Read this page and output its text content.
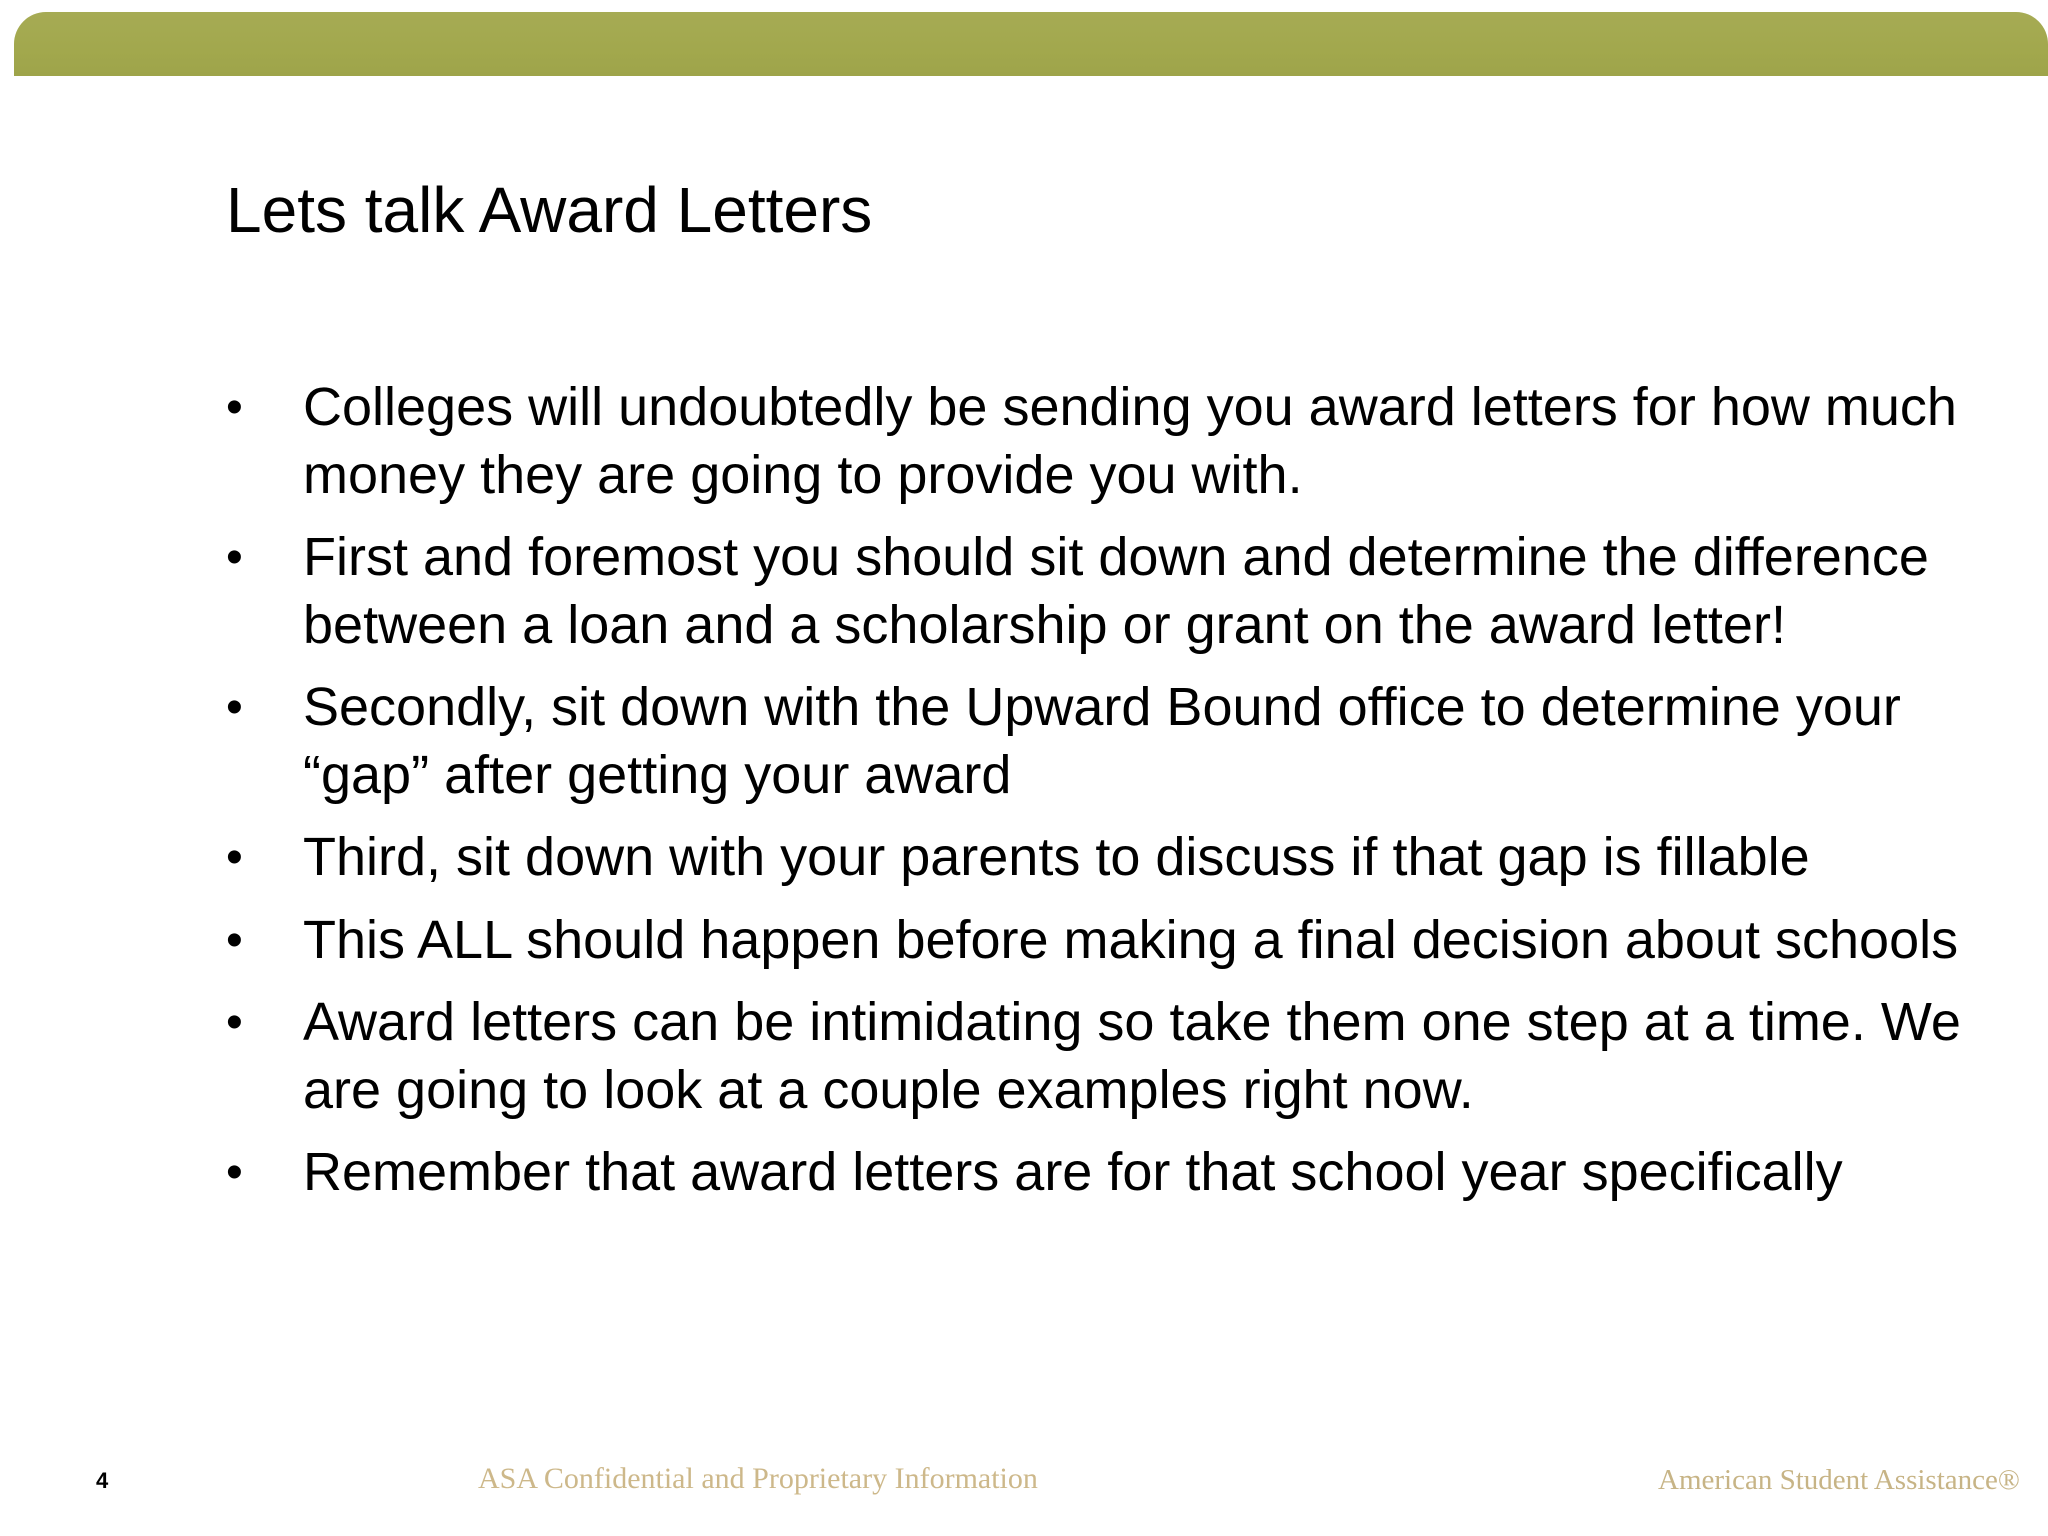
Lets talk Award Letters
• Colleges will undoubtedly be sending you award letters for how much money they are going to provide you with.
• First and foremost you should sit down and determine the difference between a loan and a scholarship or grant on the award letter!
• Secondly, sit down with the Upward Bound office to determine your “gap” after getting your award
• Third, sit down with your parents to discuss if that gap is fillable
• This ALL should happen before making a final decision about schools
• Award letters can be intimidating so take them one step at a time. We are going to look at a couple examples right now.
• Remember that award letters are for that school year specifically
4	ASA Confidential and Proprietary Information	American Student Assistance®
